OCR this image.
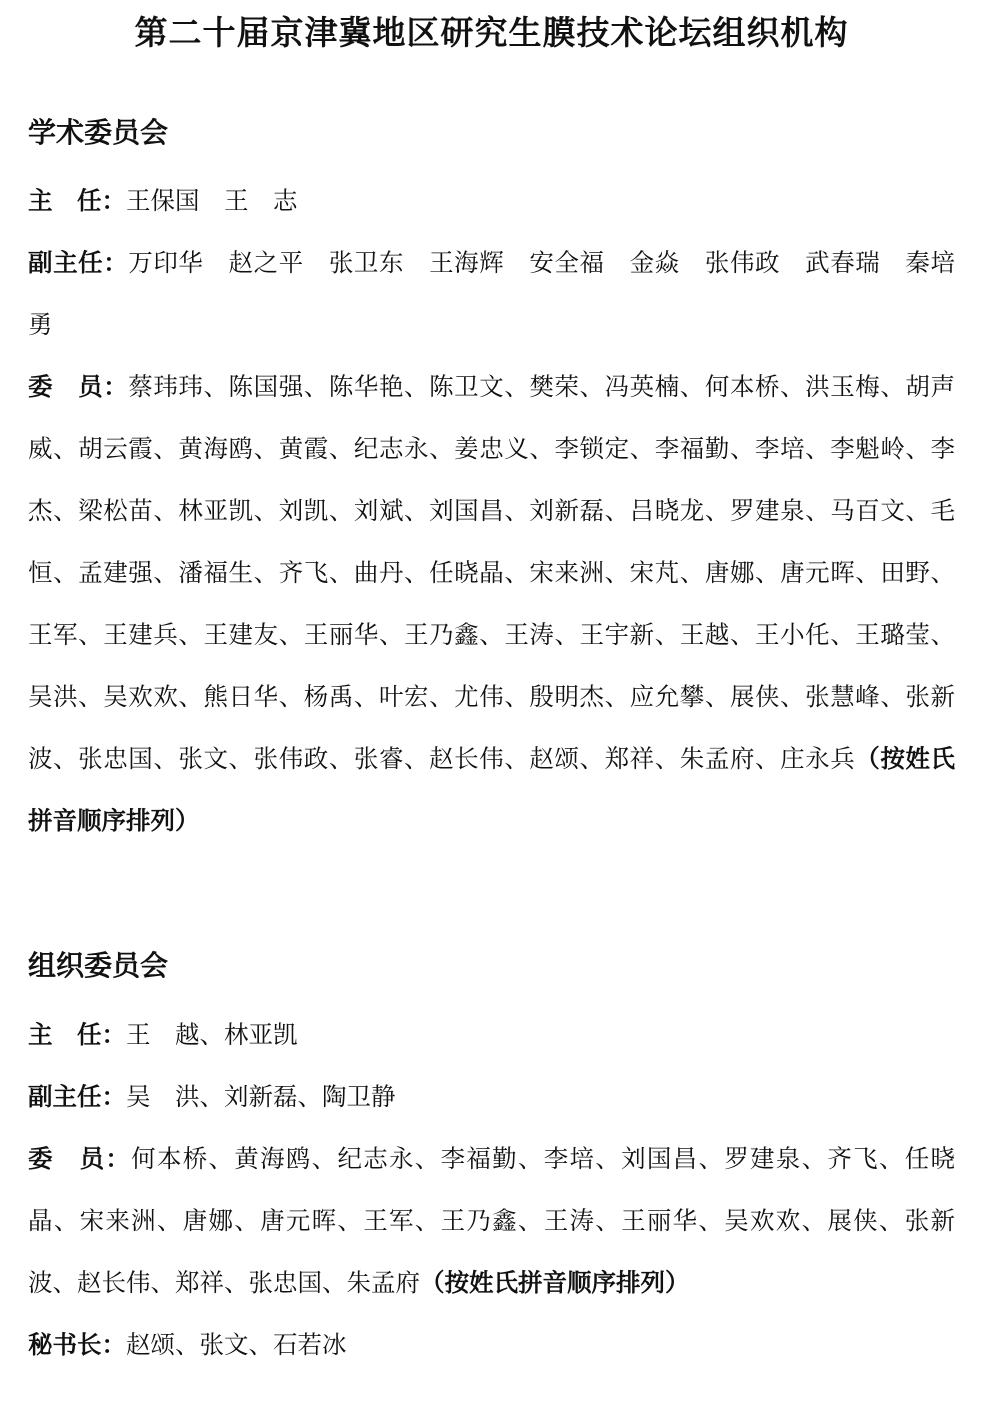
第二十届京津冀地区研究生膜技术论坛组织机构
学术委员会

主　任：王保国　王　志

副主任：万印华　赵之平　张卫东　王海辉　安全福　金焱　张伟政　武春瑞　秦培勇

委　员：蔡玮玮、陈国强、陈华艳、陈卫文、樊荣、冯英楠、何本桥、洪玉梅、胡声威、胡云霞、黄海鸥、黄霞、纪志永、姜忠义、李锁定、李福勤、李培、李魁岭、李杰、梁松苗、林亚凯、刘凯、刘斌、刘国昌、刘新磊、吕晓龙、罗建泉、马百文、毛恒、孟建强、潘福生、齐飞、曲丹、任晓晶、宋来洲、宋芃、唐娜、唐元晖、田野、王军、王建兵、王建友、王丽华、王乃鑫、王涛、王宇新、王越、王小仛、王璐莹、吴洪、吴欢欢、熊日华、杨禹、叶宏、尤伟、殷明杰、应允攀、展侠、张慧峰、张新波、张忠国、张文、张伟政、张睿、赵长伟、赵颂、郑祥、朱孟府、庄永兵（按姓氏拼音顺序排列）

组织委员会

主　任：王　越、林亚凯

副主任：吴　洪、刘新磊、陶卫静

委　员：何本桥、黄海鸥、纪志永、李福勤、李培、刘国昌、罗建泉、齐飞、任晓晶、宋来洲、唐娜、唐元晖、王军、王乃鑫、王涛、王丽华、吴欢欢、展侠、张新波、赵长伟、郑祥、张忠国、朱孟府（按姓氏拼音顺序排列）

秘书长：赵颂、张文、石若冰
